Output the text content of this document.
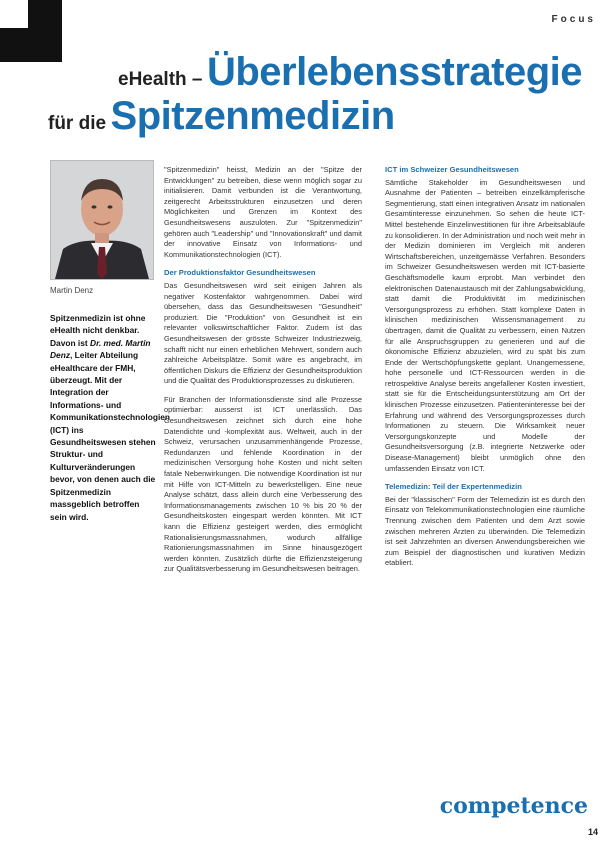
Focus
eHealth – Überlebensstrategie
für die Spitzenmedizin
Martin Denz
Spitzenmedizin ist ohne eHealth nicht denkbar. Davon ist Dr. med. Martin Denz, Leiter Abteilung eHealthcare der FMH, überzeugt. Mit der Integration der Informations- und Kommunikationstechnologien (ICT) ins Gesundheitswesen stehen Struktur- und Kulturveränderungen bevor, von denen auch die Spitzenmedizin massgeblich betroffen sein wird.

"Spitzenmedizin" heisst, Medizin an der "Spitze der Entwicklungen" zu betreiben, diese wenn möglich sogar zu initialisieren. Damit verbunden ist die Verantwortung, zeitgerecht Arbeitsstrukturen einzusetzen und deren Möglichkeiten und Grenzen im Kontext des Gesundheitswesens auszuloten. Zur "Spitzenmedizin" gehören auch "Leadership" und "Innovationskraft" und damit der innovative Einsatz von Informations- und Kommunikationstechnologien (ICT).

Der Produktionsfaktor Gesundheitswesen

Das Gesundheitswesen wird seit einigen Jahren als negativer Kostenfaktor wahrgenommen. Dabei wird übersehen, dass das Gesundheitswesen "Gesundheit" produziert. Die "Produktion" von Gesundheit ist ein relevanter volkswirtschaftlicher Faktor. Zudem ist das Gesundheitswesen der grösste Schweizer Industriezweig, schafft nicht nur einen erheblichen Mehrwert, sondern auch zahlreiche Arbeitsplätze. Somit wäre es angebracht, im öffentlichen Diskurs die Effizienz der Gesundheitsproduktion und die Qualität des Produktionsprozesses zu diskutieren.

Für Branchen der Informationsdienste sind alle Prozesse optimierbar: ausserst ist ICT unerlässlich. Das Gesundheitswesen zeichnet sich durch eine hohe Datendichte und -komplexität aus. Weltweit, auch in der Schweiz, verursachen unzusammenhängende Prozesse, Redundanzen und fehlende Koordination in der medizinischen Versorgung hohe Kosten und nicht selten fatale Nebenwirkungen. Die notwendige Koordination ist nur mit Hilfe von ICT-Mitteln zu bewerkstelligen. Eine neue Analyse schätzt, dass allein durch eine Verbesserung des Informationsmanagements zwischen 10 % bis 20 % der Gesundheitskosten eingespart werden könnten. Mit ICT kann die Effizienz gesteigert werden, dies ermöglicht Rationalisierungsmassnahmen, wodurch allfällige Rationierungsmassnahmen im Sinne hinausgezögert werden könnten. Zusätzlich dürfte die Effizienzsteigerung zur Qualitätsverbesserung im Gesundheitswesen beitragen.

ICT im Schweizer Gesundheitswesen

Sämtliche Stakeholder im Gesundheitswesen und Ausnahme der Patienten – betreiben einzelkämpferische Segmentierung, statt einen integrativen Ansatz im nationalen Gesamtinteresse einzunehmen. So sehen die heute ICT-Mittel bestehende Einzelinvestitionen für ihre Arbeitsabläufe zu konsolidieren. In der Administration und noch weit mehr in der Medizin dominieren im Vergleich mit anderen Wirtschaftsbereichen, unzeitgemässe Verfahren. Besonders im Schweizer Gesundheitswesen werden mit ICT-basierte Geschäftsmodelle kaum erprobt. Man verbindet den elektronischen Datenaustausch mit der Zahlungsabwicklung, statt damit die Produktivität im medizinischen Versorgungsprozess zu erhöhen. Statt komplexe Daten in klinischen medizinischen Wissensmanagement zu übertragen, damit die Qualität zu verbessern, einen Nutzen für alle Anspruchsgruppen zu generieren und auf die ökonomische Effizienz abzuzielen, wird zu spät bis zum Ende der Wertschöpfungskette geplant. Unangemessene, hohe personelle und ICT-Ressourcen werden in die retrospektive Analyse bereits angefallener Kosten investiert, statt sie für die Entscheidungsunterstützung am Ort der klinischen Prozesse einzusetzen. Patienteninteresse bei der Erfahrung und während des Versorgungsprozesses durch Informationen zu steuern. Die Wirksamkeit neuer Versorgungskonzepte und Modelle der Gesundheitsversorgung (z.B. integrierte Netzwerke oder Disease-Management) bleibt unmöglich ohne den umfassenden Einsatz von ICT.

Telemedizin: Teil der Expertenmedizin

Bei der "klassischen" Form der Telemedizin ist es durch den Einsatz von Telekommunikationstechnologien eine räumliche Trennung zwischen dem Patienten und dem Arzt sowie zwischen mehreren Ärzten zu überwinden. Die Telemedizin ist seit Jahrzehnten an diversen Anwendungsbereichen wie zum Beispiel der diagnostischen und kurativen Medizin etabliert.

competence
14
